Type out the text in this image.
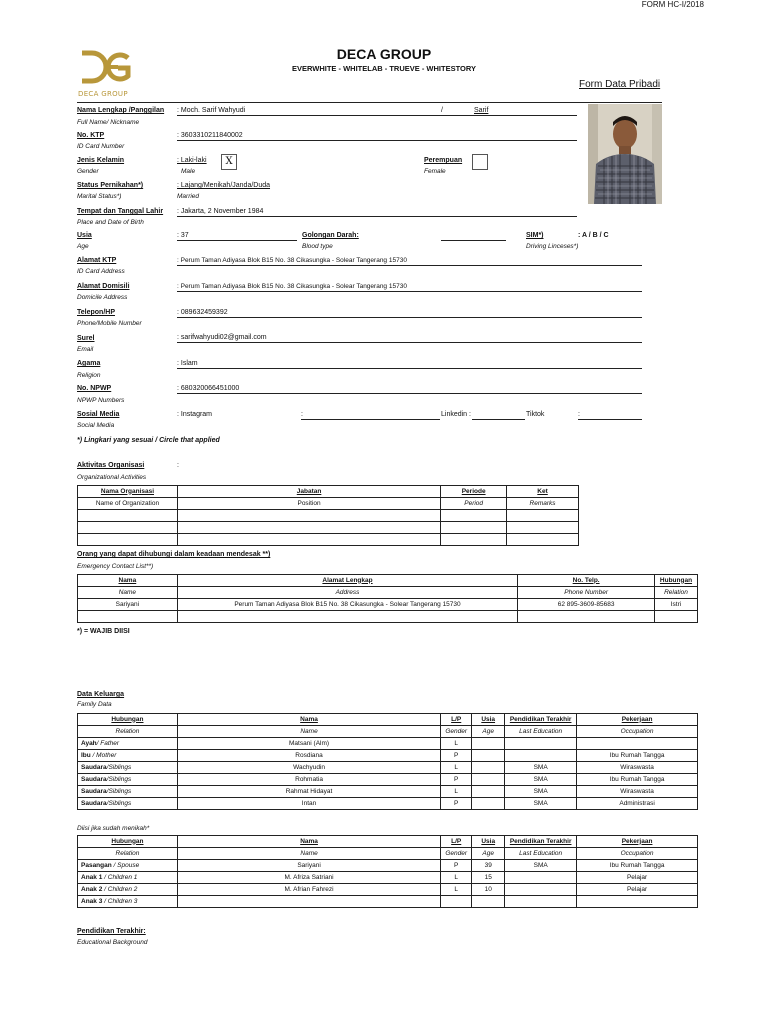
FORM HC-I/2018
DECA GROUP
DECA GROUP
EVERWHITE - WHITELAB - TRUEVE - WHITESTORY
Form Data Pribadi
Nama Lengkap /Panggilan
Full Name/ Nickname
: Moch. Sarif Wahyudi	/	Sarif
No. KTP
ID Card Number
: 3603310211840002
Jenis Kelamin
Gender
: Laki-laki
Male
X	Perempuan
Female
Status Pernikahan*)
Marital Status*)
: Lajang/Menikah/Janda/Duda
Married
Tempat dan Tanggal Lahir
Place and Date of Birth
: Jakarta, 2 November 1984
Usia
Age
: 37	Golongan Darah:
Blood type
SIM*)
Driving Linceses*)
: A / B / C
Alamat KTP
ID Card Address
: Perum Taman Adiyasa Blok B15 No. 38 Cikasungka - Solear Tangerang 15730
Alamat Domisili
Domicile Address
: Perum Taman Adiyasa Blok B15 No. 38 Cikasungka - Solear Tangerang 15730
Telepon/HP
Phone/Mobile Number
: 089632459392
Surel
Email
: sarifwahyudi02@gmail.com
Agama
Religion
: Islam
No. NPWP
NPWP Numbers
: 680320066451000
Sosial Media
Social Media
: Instagram	:	Linkedin :	Tiktok	:
*) Lingkari yang sesuai / Circle that applied
Aktivitas Organisasi	:
Organizational Activities
Nama Organisasi	Jabatan	Periode	Ket
Name of Organization	Position	Period	Remarks

Orang yang dapat dihubungi dalam keadaan mendesak **)
Emergency Contact List**)
Nama	Alamat Lengkap	No. Telp.	Hubungan
Name	Address	Phone Number	Relation
Sariyani	Perum Taman Adiyasa Blok B15 No. 38 Cikasungka - Solear Tangerang 15730	62 895-3609-85683	Istri

*) = WAJIB DIISI
Data Keluarga
Family Data
Hubungan	Nama	L/P	Usia	Pendidikan Terakhir	Pekerjaan
Relation	Name	Gender	Age	Last Education	Occupation
Ayah/ Father	Matsani (Alm)	L			
Ibu / Mother	Rosdiana	P			Ibu Rumah Tangga
Saudara/Siblings	Wachyudin	L		SMA	Wiraswasta
Saudara/Siblings	Rohmatia	P		SMA	Ibu Rumah Tangga
Saudara/Siblings	Rahmat Hidayat	L		SMA	Wiraswasta
Saudara/Siblings	Intan	P		SMA	Administrasi
Diisi jika sudah menikah*
Hubungan	Nama	L/P	Usia	Pendidikan Terakhir	Pekerjaan
Relation	Name	Gender	Age	Last Education	Occupation
Pasangan / Spouse	Sariyani	P	39	SMA	Ibu Rumah Tangga
Anak 1 / Children 1	M. Afriza Satriani	L	15		Pelajar
Anak 2 / Children 2	M. Afrian Fahrezi	L	10		Pelajar
Anak 3 / Children 3					
Pendidikan Terakhir:
Educational Background
